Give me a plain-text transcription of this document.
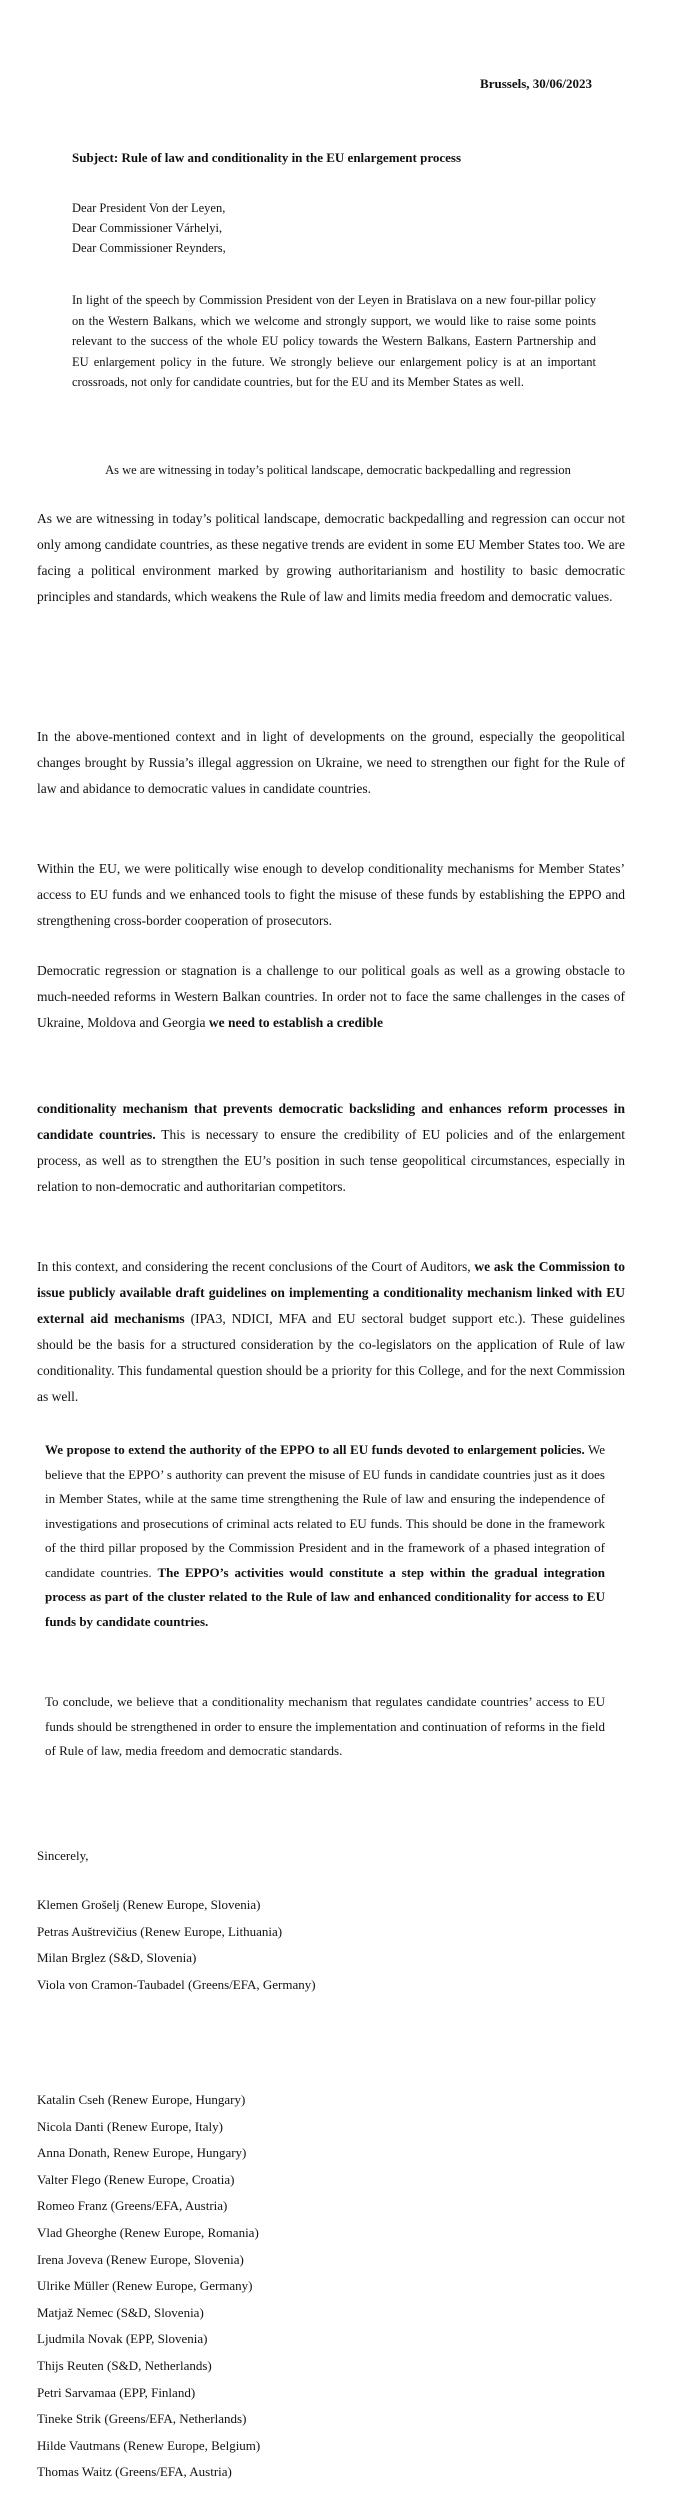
Brussels, 30/06/2023
Subject: Rule of law and conditionality in the EU enlargement process
Dear President Von der Leyen,
Dear Commissioner Várhelyi,
Dear Commissioner Reynders,
In light of the speech by Commission President von der Leyen in Bratislava on a new four-pillar policy on the Western Balkans, which we welcome and strongly support, we would like to raise some points relevant to the success of the whole EU policy towards the Western Balkans, Eastern Partnership and EU enlargement policy in the future. We strongly believe our enlargement policy is at an important crossroads, not only for candidate countries, but for the EU and its Member States as well.
As we are witnessing in today’s political landscape, democratic backpedalling and regression

As we are witnessing in today’s political landscape, democratic backpedalling and regression can occur not only among candidate countries, as these negative trends are evident in some EU Member States too. We are facing a political environment marked by growing authoritarianism and hostility to basic democratic principles and standards, which weakens the Rule of law and limits media freedom and democratic values.

In the above-mentioned context and in light of developments on the ground, especially the geopolitical changes brought by Russia’s illegal aggression on Ukraine, we need to strengthen our fight for the Rule of law and abidance to democratic values in candidate countries.

Within the EU, we were politically wise enough to develop conditionality mechanisms for Member States’ access to EU funds and we enhanced tools to fight the misuse of these funds by establishing the EPPO and strengthening cross-border cooperation of prosecutors.

Democratic regression or stagnation is a challenge to our political goals as well as a growing obstacle to much-needed reforms in Western Balkan countries. In order not to face the same challenges in the cases of Ukraine, Moldova and Georgia we need to establish a credible

conditionality mechanism that prevents democratic backsliding and enhances reform processes in candidate countries. This is necessary to ensure the credibility of EU policies and of the enlargement process, as well as to strengthen the EU’s position in such tense geopolitical circumstances, especially in relation to non-democratic and authoritarian competitors.

In this context, and considering the recent conclusions of the Court of Auditors, we ask the Commission to issue publicly available draft guidelines on implementing a conditionality mechanism linked with EU external aid mechanisms (IPA3, NDICI, MFA and EU sectoral budget support etc.). These guidelines should be the basis for a structured consideration by the co-legislators on the application of Rule of law conditionality. This fundamental question should be a priority for this College, and for the next Commission as well.

We propose to extend the authority of the EPPO to all EU funds devoted to enlargement policies. We believe that the EPPO’ s authority can prevent the misuse of EU funds in candidate countries just as it does in Member States, while at the same time strengthening the Rule of law and ensuring the independence of investigations and prosecutions of criminal acts related to EU funds. This should be done in the framework of the third pillar proposed by the Commission President and in the framework of a phased integration of candidate countries. The EPPO’s activities would constitute a step within the gradual integration process as part of the cluster related to the Rule of law and enhanced conditionality for access to EU funds by candidate countries.

To conclude, we believe that a conditionality mechanism that regulates candidate countries’ access to EU funds should be strengthened in order to ensure the implementation and continuation of reforms in the field of Rule of law, media freedom and democratic standards.

Sincerely,
Klemen Grošelj (Renew Europe, Slovenia)
Petras Auštrevičius (Renew Europe, Lithuania)
Milan Brglez (S&D, Slovenia)
Viola von Cramon-Taubadel (Greens/EFA, Germany)
Katalin Cseh (Renew Europe, Hungary)
Nicola Danti (Renew Europe, Italy)
Anna Donath, Renew Europe, Hungary)
Valter Flego (Renew Europe, Croatia)
Romeo Franz (Greens/EFA, Austria)
Vlad Gheorghe (Renew Europe, Romania)
Irena Joveva (Renew Europe, Slovenia)
Ulrike Müller (Renew Europe, Germany)
Matjaž Nemec (S&D, Slovenia)
Ljudmila Novak (EPP, Slovenia)
Thijs Reuten (S&D, Netherlands)
Petri Sarvamaa (EPP, Finland)
Tineke Strik (Greens/EFA, Netherlands)
Hilde Vautmans (Renew Europe, Belgium)
Thomas Waitz (Greens/EFA, Austria)
